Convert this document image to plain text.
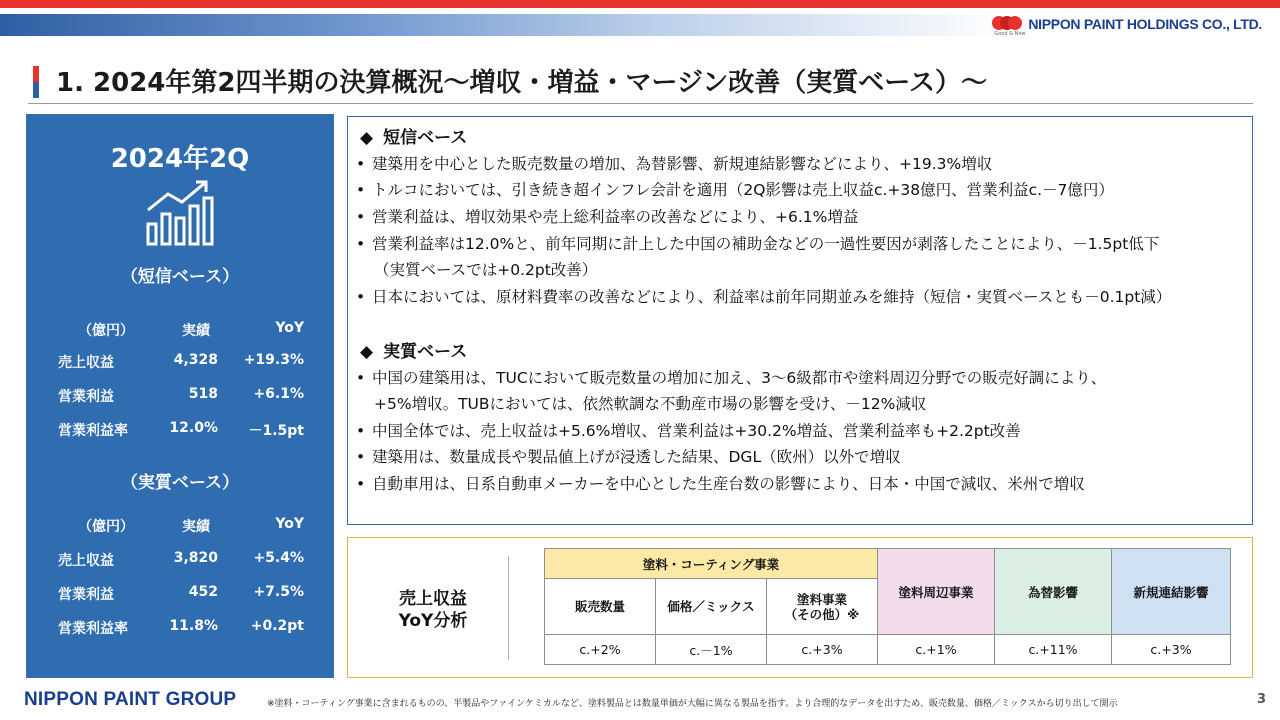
Good & Now
NIPPON PAINT HOLDINGS CO., LTD.
1. 2024年第2四半期の決算概況～増収・増益・マージン改善（実質ベース）～
2024年2Q
（短信ベース）
（億円）	実績	YoY
売上収益	4,328 +19.3%
営業利益	518	+6.1%
営業利益率	12.0% －1.5pt
（実質ベース）
（億円）	実績	YoY
売上収益	3,820	+5.4%
営業利益	452	+7.5%
営業利益率	11.8% +0.2pt
◆ 短信ベース
• 建築用を中心とした販売数量の増加、為替影響、新規連結影響などにより、+19.3%増収
• トルコにおいては、引き続き超インフレ会計を適用（2Q影響は売上収益c.+38億円、営業利益c.－7億円）
• 営業利益は、増収効果や売上総利益率の改善などにより、+6.1%増益
• 営業利益率は12.0%と、前年同期に計上した中国の補助金などの一過性要因が剥落したことにより、－1.5pt低下
（実質ベースでは+0.2pt改善）
• 日本においては、原材料費率の改善などにより、利益率は前年同期並みを維持（短信・実質ベースとも－0.1pt減）
◆ 実質ベース
• 中国の建築用は、TUCにおいて販売数量の増加に加え、3～6級都市や塗料周辺分野での販売好調により、
+5%増収。TUBにおいては、依然軟調な不動産市場の影響を受け、－12%減収
• 中国全体では、売上収益は+5.6%増収、営業利益は+30.2%増益、営業利益率も+2.2pt改善
• 建築用は、数量成長や製品値上げが浸透した結果、DGL（欧州）以外で増収
• 自動車用は、日系自動車メーカーを中心とした生産台数の影響により、日本・中国で減収、米州で増収
売上収益
YoY分析
塗料・コーティング事業			塗料周辺事業	為替影響	新規連結影響
販売数量	価格／ミックス	塗料事業
（その他）※			

c.+2%	c.－1%	c.+3%	c.+1%	c.+11%	c.+3%
NIPPON PAINT GROUP	※塗料・コーティング事業に含まれるものの、半製品やファインケミカルなど、塗料製品とは数量単価が大幅に異なる製品を指す。より合理的なデータを出すため、販売数量、価格／ミックスから切り出して開示	3
